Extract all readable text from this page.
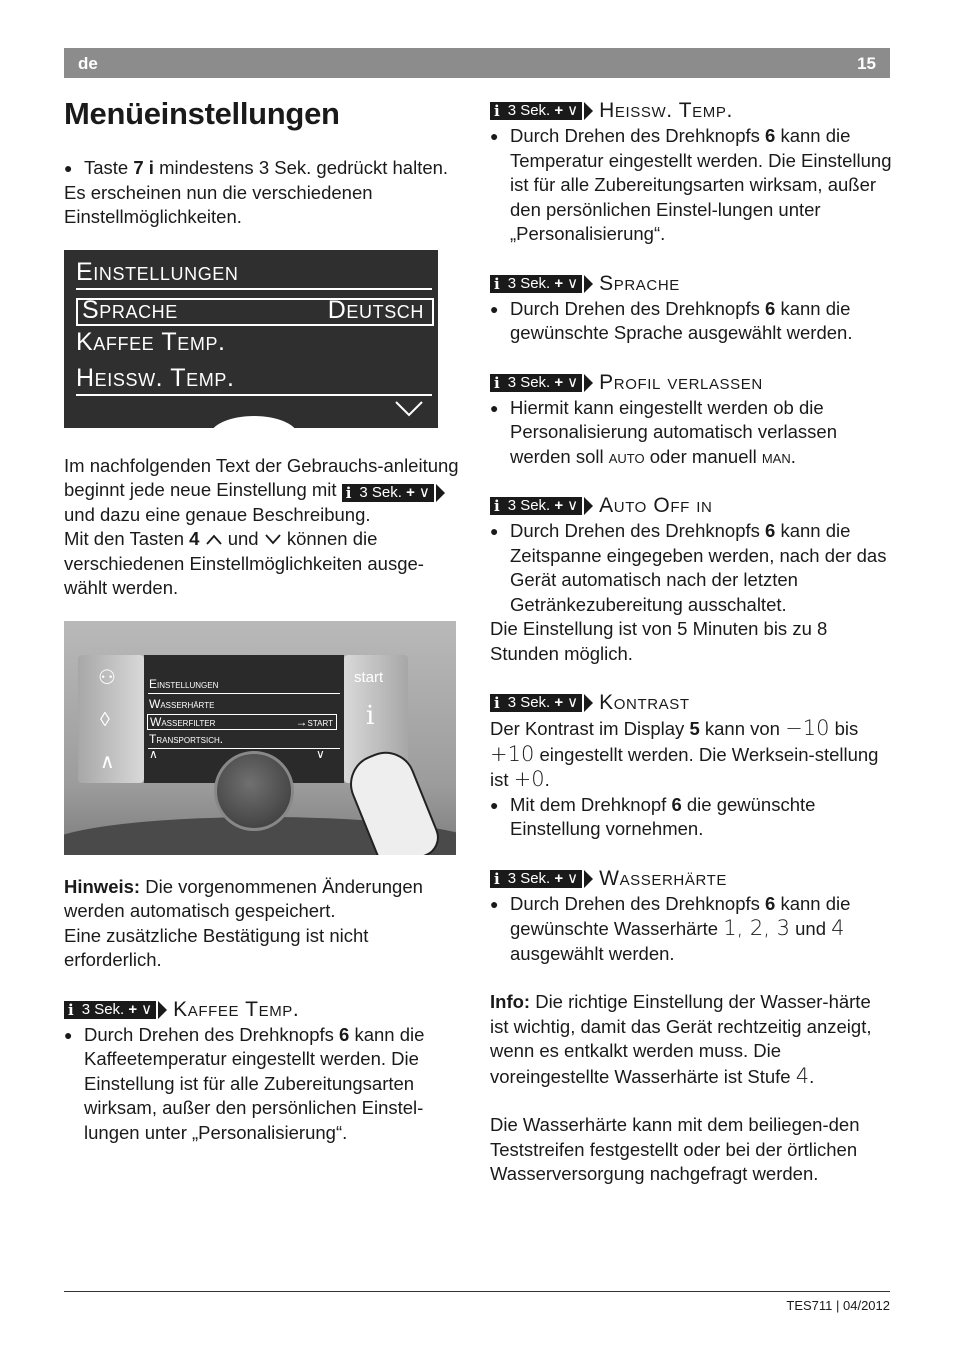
de	15
Menüeinstellungen
● Taste 7 i mindestens 3 Sek. gedrückt halten.

Es erscheinen nun die verschiedenen Einstellmöglichkeiten.

Einstellungen
Sprache	Deutsch
Kaffee Temp.
Heissw. Temp.

Im nachfolgenden Text der Gebrauchs-anleitung beginnt jede neue Einstellung mit i 3 Sek.
+ ∨
und dazu eine genaue Beschreibung.

Mit den Tasten 4 und können die verschiedenen Einstellmöglichkeiten ausge-wählt werden.

⚇
◊
∧
Einstellungen
Wasserhärte
Wasserfilter	→start
Transportsich.
∧	∨
start
i

Hinweis: Die vorgenommenen Änderungen werden automatisch gespeichert.

Eine zusätzliche Bestätigung ist nicht erforderlich.

i 3 Sek.
+ ∨ Kaffee Temp.
● Durch Drehen des Drehknopfs 6 kann die Kaffeetemperatur eingestellt werden. Die Einstellung ist für alle Zubereitungsarten wirksam, außer den persönlichen Einstel-lungen unter „Personalisierung“.
i 3 Sek.
+ ∨ Heissw. Temp.
● Durch Drehen des Drehknopfs 6 kann die Temperatur eingestellt werden. Die Einstellung ist für alle Zubereitungsarten wirksam, außer den persönlichen Einstel-lungen unter „Personalisierung“.
i 3 Sek.
+ ∨ Sprache
● Durch Drehen des Drehknopfs 6 kann die gewünschte Sprache ausgewählt werden.
i 3 Sek.
+ ∨ Profil verlassen
● Hiermit kann eingestellt werden ob die Personalisierung automatisch verlassen werden soll auto oder manuell man.
i 3 Sek.
+ ∨ Auto Off in
● Durch Drehen des Drehknopfs 6 kann die Zeitspanne eingegeben werden, nach der das Gerät automatisch nach der letzten Getränkezubereitung ausschaltet.

Die Einstellung ist von 5 Minuten bis zu 8 Stunden möglich.

i 3 Sek.
+ ∨ Kontrast

Der Kontrast im Display 5 kann von −10 bis +10 eingestellt werden. Die Werksein-stellung ist +0.

● Mit dem Drehknopf 6 die gewünschte Einstellung vornehmen.
i 3 Sek.
+ ∨ Wasserhärte
● Durch Drehen des Drehknopfs 6 kann die gewünschte Wasserhärte 1, 2, 3 und 4 ausgewählt werden.

Info: Die richtige Einstellung der Wasser-härte ist wichtig, damit das Gerät rechtzeitig anzeigt, wenn es entkalkt werden muss. Die voreingestellte Wasserhärte ist Stufe 4.

Die Wasserhärte kann mit dem beiliegen-den Teststreifen festgestellt oder bei der örtlichen Wasserversorgung nachgefragt werden.

TES711 | 04/2012
